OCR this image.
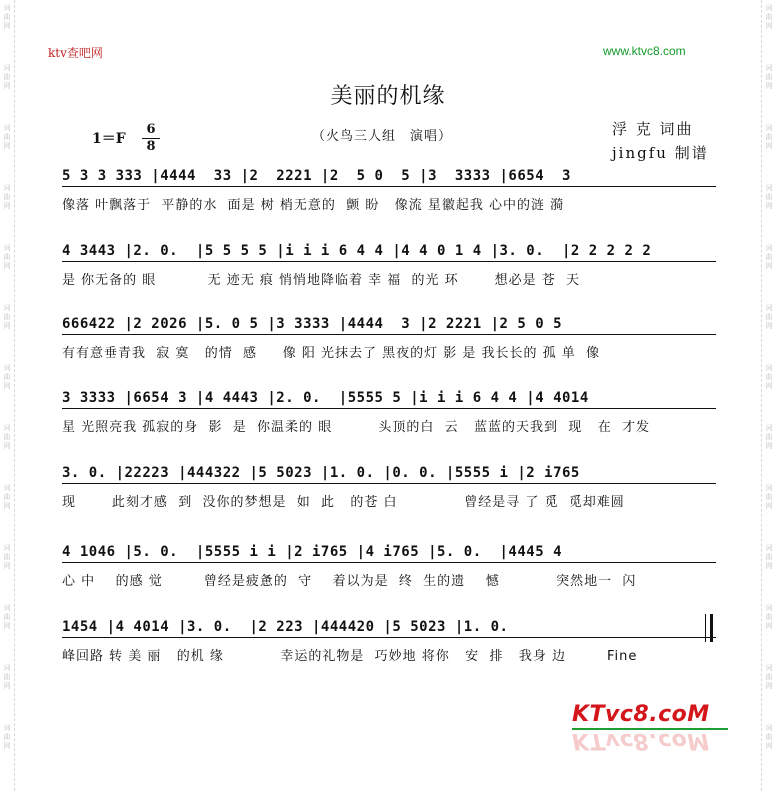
词
曲
网
词
曲
网
词
曲
网
词
曲
网
词
曲
网
词
曲
网
词
曲
网
词
曲
网
词
曲
网
词
曲
网
词
曲
网
词
曲
网
词
曲
网
词
曲
网
词
曲
网
词
曲
网
词
曲
网
词
曲
网
词
曲
网
词
曲
网
词
曲
网
词
曲
网
词
曲
网
词
曲
网
词
曲
网
词
曲
网
ktv查吧网	www.ktvc8.com
美丽的机缘
1＝F
6
8
（火鸟三人组　演唱）	浮 克 词曲
jingfu 制谱
5 3 3 333 |4444  33 |2  2221 |2  5 0  5 |3  3333 |6654  3
像落 叶飘落于  平静的水  面是 树 梢无意的  颤 盼   像流 星徽起我 心中的涟 漪
4 3443 |2. 0.  |5 5 5 5 |i i i 6 4 4 |4 4 0 1 4 |3. 0.  |2 2 2 2 2
是 你无备的 眼          无 迹无 痕 悄悄地降临着 幸 福  的光 环       想必是 苍  天
666422 |2 2026 |5. 0 5 |3 3333 |4444  3 |2 2221 |2 5 0 5
有有意垂青我  寂 寞   的情  感     像 阳 光抹去了 黑夜的灯 影 是 我长长的 孤 单  像
3 3333 |6654 3 |4 4443 |2. 0.  |5555 5 |i i i 6 4 4 |4 4014
星 光照亮我 孤寂的身  影  是  你温柔的 眼         头顶的白  云   蓝蓝的天我到  现   在  才发
3. 0. |22223 |444322 |5 5023 |1. 0. |0. 0. |5555 i |2 i765
现       此刻才感  到  没你的梦想是  如  此   的苍 白             曾经是寻 了 觅  觅却难圆
4 1046 |5. 0.  |5555 i i |2 i765 |4 i765 |5. 0.  |4445 4
心 中    的感 觉        曾经是疲惫的  守    着以为是  终  生的遗    憾           突然地一  闪
1454 |4 4014 |3. 0.  |2 223 |444420 |5 5023 |1. 0.
峰回路 转 美 丽   的机 缘           幸运的礼物是  巧妙地 将你   安  排   我身 边        Fine
KTvc8.coM
KTvc8.coM
